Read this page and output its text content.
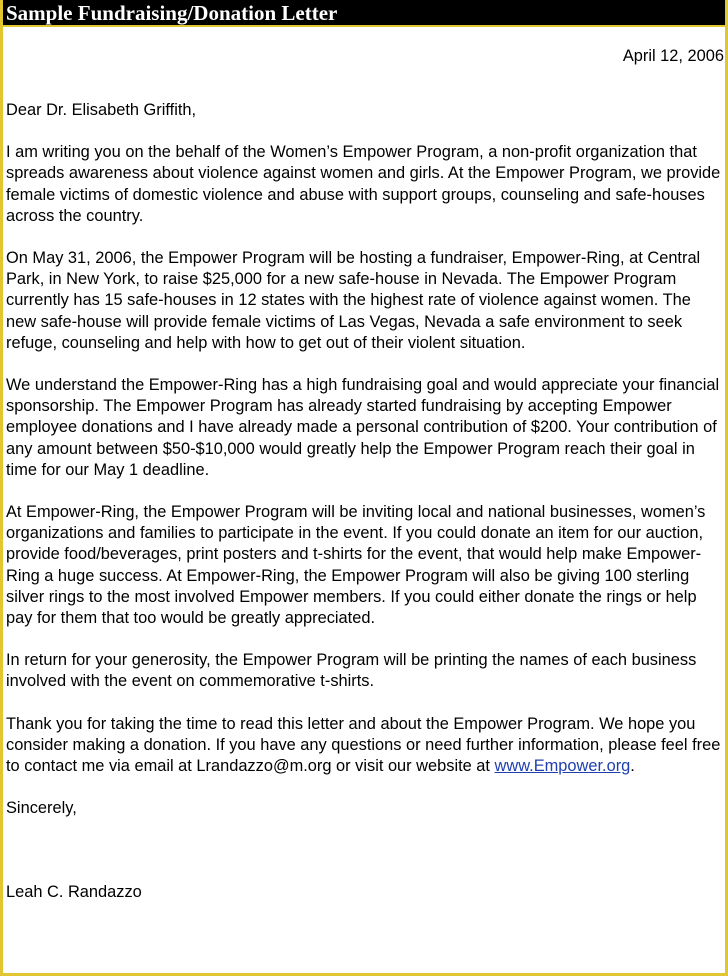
Sample Fundraising/Donation Letter
April 12, 2006

Dear Dr. Elisabeth Griffith,

I am writing you on the behalf of the Women’s Empower Program, a non-profit organization that spreads awareness about violence against women and girls. At the Empower Program, we provide female victims of domestic violence and abuse with support groups, counseling and safe-houses across the country.

On May 31, 2006, the Empower Program will be hosting a fundraiser, Empower-Ring, at Central Park, in New York, to raise $25,000 for a new safe-house in Nevada. The Empower Program currently has 15 safe-houses in 12 states with the highest rate of violence against women. The new safe-house will provide female victims of Las Vegas, Nevada a safe environment to seek refuge, counseling and help with how to get out of their violent situation.

We understand the Empower-Ring has a high fundraising goal and would appreciate your financial sponsorship. The Empower Program has already started fundraising by accepting Empower employee donations and I have already made a personal contribution of $200. Your contribution of any amount between $50-$10,000 would greatly help the Empower Program reach their goal in time for our May 1 deadline.

At Empower-Ring, the Empower Program will be inviting local and national businesses, women’s organizations and families to participate in the event. If you could donate an item for our auction, provide food/beverages, print posters and t-shirts for the event, that would help make Empower-Ring a huge success. At Empower-Ring, the Empower Program will also be giving 100 sterling silver rings to the most involved Empower members. If you could either donate the rings or help pay for them that too would be greatly appreciated.

In return for your generosity, the Empower Program will be printing the names of each business involved with the event on commemorative t-shirts.

Thank you for taking the time to read this letter and about the Empower Program. We hope you consider making a donation. If you have any questions or need further information, please feel free to contact me via email at Lrandazzo@m.org or visit our website at www.Empower.org.

Sincerely,

Leah C. Randazzo
